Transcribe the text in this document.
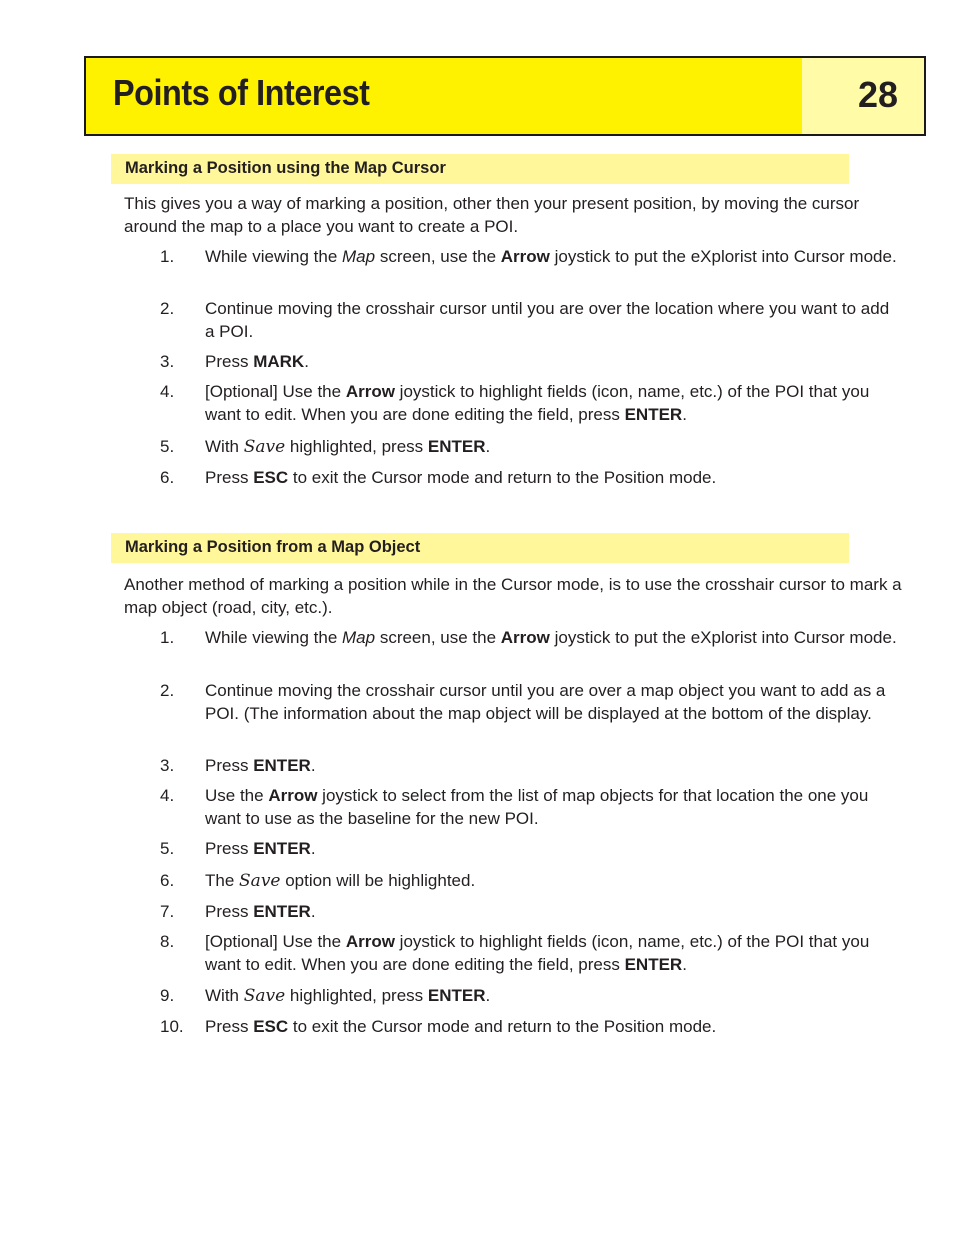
Points of Interest	28
Marking a Position using the Map Cursor
This gives you a way of marking a position, other then your present position, by moving the cursor around the map to a place you want to create a POI.
1. While viewing the Map screen, use the Arrow joystick to put the eXplorist into Cursor mode.
2. Continue moving the crosshair cursor until you are over the location where you want to add a POI.
3. Press MARK.
4. [Optional] Use the Arrow joystick to highlight fields (icon, name, etc.) of the POI that you want to edit. When you are done editing the field, press ENTER.
5. With Save highlighted, press ENTER.
6. Press ESC to exit the Cursor mode and return to the Position mode.
Marking a Position from a Map Object
Another method of marking a position while in the Cursor mode, is to use the crosshair cursor to mark a map object (road, city, etc.).
1. While viewing the Map screen, use the Arrow joystick to put the eXplorist into Cursor mode.
2. Continue moving the crosshair cursor until you are over a map object you want to add as a POI. (The information about the map object will be displayed at the bottom of the display.
3. Press ENTER.
4. Use the Arrow joystick to select from the list of map objects for that location the one you want to use as the baseline for the new POI.
5. Press ENTER.
6. The Save option will be highlighted.
7. Press ENTER.
8. [Optional] Use the Arrow joystick to highlight fields (icon, name, etc.) of the POI that you want to edit. When you are done editing the field, press ENTER.
9. With Save highlighted, press ENTER.
10. Press ESC to exit the Cursor mode and return to the Position mode.
